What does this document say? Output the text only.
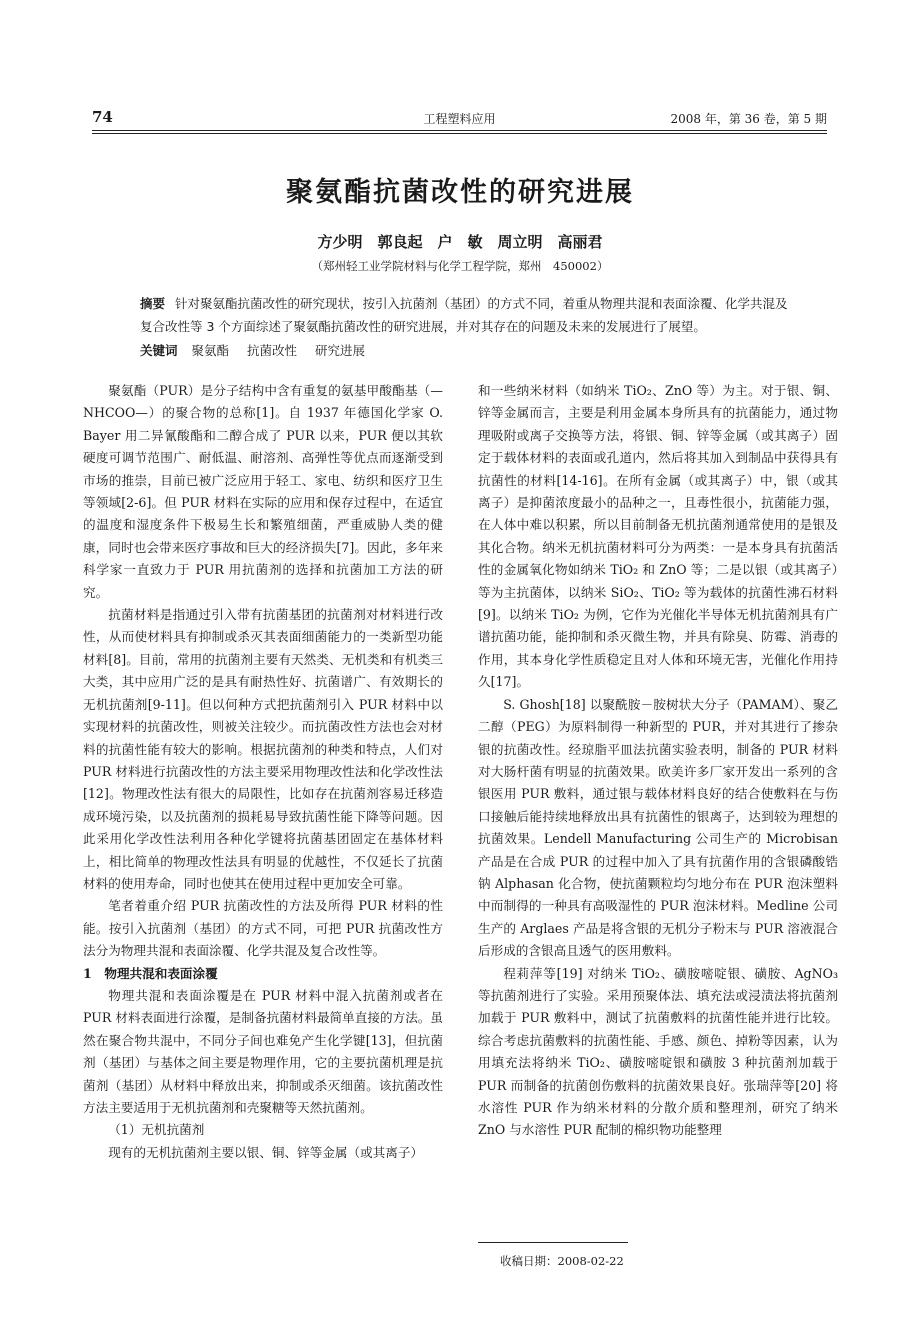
74	工程塑料应用	2008 年，第 36 卷，第 5 期
聚氨酯抗菌改性的研究进展
方少明　郭良起　户　敏　周立明　高丽君
（郑州轻工业学院材料与化学工程学院，郑州　450002）
摘要 针对聚氨酯抗菌改性的研究现状，按引入抗菌剂（基团）的方式不同，着重从物理共混和表面涂覆、化学共混及复合改性等 3 个方面综述了聚氨酯抗菌改性的研究进展，并对其存在的问题及未来的发展进行了展望。
关键词 聚氨酯 抗菌改性 研究进展

聚氨酯（PUR）是分子结构中含有重复的氨基甲酸酯基（—NHCOO—）的聚合物的总称[1]。自 1937 年德国化学家 O. Bayer 用二异氰酸酯和二醇合成了 PUR 以来，PUR 便以其软硬度可调节范围广、耐低温、耐溶剂、高弹性等优点而逐渐受到市场的推崇，目前已被广泛应用于轻工、家电、纺织和医疗卫生等领域[2-6]。但 PUR 材料在实际的应用和保存过程中，在适宜的温度和湿度条件下极易生长和繁殖细菌，严重威胁人类的健康，同时也会带来医疗事故和巨大的经济损失[7]。因此，多年来科学家一直致力于 PUR 用抗菌剂的选择和抗菌加工方法的研究。

抗菌材料是指通过引入带有抗菌基团的抗菌剂对材料进行改性，从而使材料具有抑制或杀灭其表面细菌能力的一类新型功能材料[8]。目前，常用的抗菌剂主要有天然类、无机类和有机类三大类，其中应用广泛的是具有耐热性好、抗菌谱广、有效期长的无机抗菌剂[9-11]。但以何种方式把抗菌剂引入 PUR 材料中以实现材料的抗菌改性，则被关注较少。而抗菌改性方法也会对材料的抗菌性能有较大的影响。根据抗菌剂的种类和特点，人们对 PUR 材料进行抗菌改性的方法主要采用物理改性法和化学改性法[12]。物理改性法有很大的局限性，比如存在抗菌剂容易迁移造成环境污染，以及抗菌剂的损耗易导致抗菌性能下降等问题。因此采用化学改性法利用各种化学键将抗菌基团固定在基体材料上，相比简单的物理改性法具有明显的优越性，不仅延长了抗菌材料的使用寿命，同时也使其在使用过程中更加安全可靠。

笔者着重介绍 PUR 抗菌改性的方法及所得 PUR 材料的性能。按引入抗菌剂（基团）的方式不同，可把 PUR 抗菌改性方法分为物理共混和表面涂覆、化学共混及复合改性等。

1　物理共混和表面涂覆

物理共混和表面涂覆是在 PUR 材料中混入抗菌剂或者在 PUR 材料表面进行涂覆，是制备抗菌材料最简单直接的方法。虽然在聚合物共混中，不同分子间也难免产生化学键[13]，但抗菌剂（基团）与基体之间主要是物理作用，它的主要抗菌机理是抗菌剂（基团）从材料中释放出来，抑制或杀灭细菌。该抗菌改性方法主要适用于无机抗菌剂和壳聚糖等天然抗菌剂。

（1）无机抗菌剂

现有的无机抗菌剂主要以银、铜、锌等金属（或其离子）

和一些纳米材料（如纳米 TiO₂、ZnO 等）为主。对于银、铜、锌等金属而言，主要是利用金属本身所具有的抗菌能力，通过物理吸附或离子交换等方法，将银、铜、锌等金属（或其离子）固定于载体材料的表面或孔道内，然后将其加入到制品中获得具有抗菌性的材料[14-16]。在所有金属（或其离子）中，银（或其离子）是抑菌浓度最小的品种之一，且毒性很小，抗菌能力强，在人体中难以积累，所以目前制备无机抗菌剂通常使用的是银及其化合物。纳米无机抗菌材料可分为两类：一是本身具有抗菌活性的金属氧化物如纳米 TiO₂ 和 ZnO 等；二是以银（或其离子）等为主抗菌体，以纳米 SiO₂、TiO₂ 等为载体的抗菌性沸石材料[9]。以纳米 TiO₂ 为例，它作为光催化半导体无机抗菌剂具有广谱抗菌功能，能抑制和杀灭微生物，并具有除臭、防霉、消毒的作用，其本身化学性质稳定且对人体和环境无害，光催化作用持久[17]。

S. Ghosh[18] 以聚酰胺－胺树状大分子（PAMAM）、聚乙二醇（PEG）为原料制得一种新型的 PUR，并对其进行了掺杂银的抗菌改性。经琼脂平皿法抗菌实验表明，制备的 PUR 材料对大肠杆菌有明显的抗菌效果。欧美许多厂家开发出一系列的含银医用 PUR 敷料，通过银与载体材料良好的结合使敷料在与伤口接触后能持续地释放出具有抗菌性的银离子，达到较为理想的抗菌效果。Lendell Manufacturing 公司生产的 Microbisan 产品是在合成 PUR 的过程中加入了具有抗菌作用的含银磷酸锆钠 Alphasan 化合物，使抗菌颗粒均匀地分布在 PUR 泡沫塑料中而制得的一种具有高吸湿性的 PUR 泡沫材料。Medline 公司生产的 Arglaes 产品是将含银的无机分子粉末与 PUR 溶液混合后形成的含银高且透气的医用敷料。

程莉萍等[19] 对纳米 TiO₂、磺胺嘧啶银、磺胺、AgNO₃ 等抗菌剂进行了实验。采用预聚体法、填充法或浸渍法将抗菌剂加载于 PUR 敷料中，测试了抗菌敷料的抗菌性能并进行比较。综合考虑抗菌敷料的抗菌性能、手感、颜色、掉粉等因素，认为用填充法将纳米 TiO₂、磺胺嘧啶银和磺胺 3 种抗菌剂加载于 PUR 而制备的抗菌创伤敷料的抗菌效果良好。张瑞萍等[20] 将水溶性 PUR 作为纳米材料的分散介质和整理剂，研究了纳米 ZnO 与水溶性 PUR 配制的棉织物功能整理

收稿日期：2008-02-22
